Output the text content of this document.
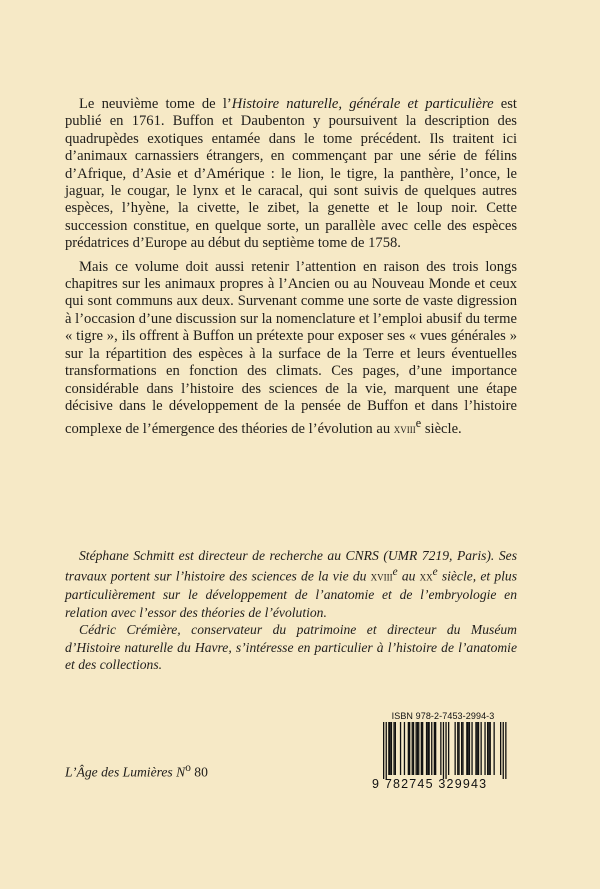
Le neuvième tome de l’Histoire naturelle, générale et particulière est publié en 1761. Buffon et Daubenton y poursuivent la description des quadrupèdes exotiques entamée dans le tome précédent. Ils traitent ici d’animaux carnassiers étrangers, en commençant par une série de félins d’Afrique, d’Asie et d’Amérique : le lion, le tigre, la panthère, l’once, le jaguar, le cougar, le lynx et le caracal, qui sont suivis de quelques autres espèces, l’hyène, la civette, le zibet, la genette et le loup noir. Cette succession constitue, en quelque sorte, un parallèle avec celle des espèces prédatrices d’Europe au début du septième tome de 1758.

Mais ce volume doit aussi retenir l’attention en raison des trois longs chapitres sur les animaux propres à l’Ancien ou au Nouveau Monde et ceux qui sont communs aux deux. Survenant comme une sorte de vaste digression à l’occasion d’une discussion sur la nomenclature et l’emploi abusif du terme « tigre », ils offrent à Buffon un prétexte pour exposer ses « vues générales » sur la répartition des espèces à la surface de la Terre et leurs éventuelles transformations en fonction des climats. Ces pages, d’une importance considérable dans l’histoire des sciences de la vie, marquent une étape décisive dans le développement de la pensée de Buffon et dans l’histoire complexe de l’émergence des théories de l’évolution au xviii$^e$ siècle.

Stéphane Schmitt est directeur de recherche au CNRS (UMR 7219, Paris). Ses travaux portent sur l’histoire des sciences de la vie du xviii$^e$ au $xx^e$ siècle, et plus particulièrement sur le développement de l’anatomie et de l’embryologie en relation avec l’essor des théories de l’évolution.

Cédric Crémière, conservateur du patrimoine et directeur du Muséum d’Histoire naturelle du Havre, s’intéresse en particulier à l’histoire de l’anatomie et des collections.

L’Âge des Lumières $N^o$ 80
ISBN 978-2-7453-2994-3
9 782745 329943
